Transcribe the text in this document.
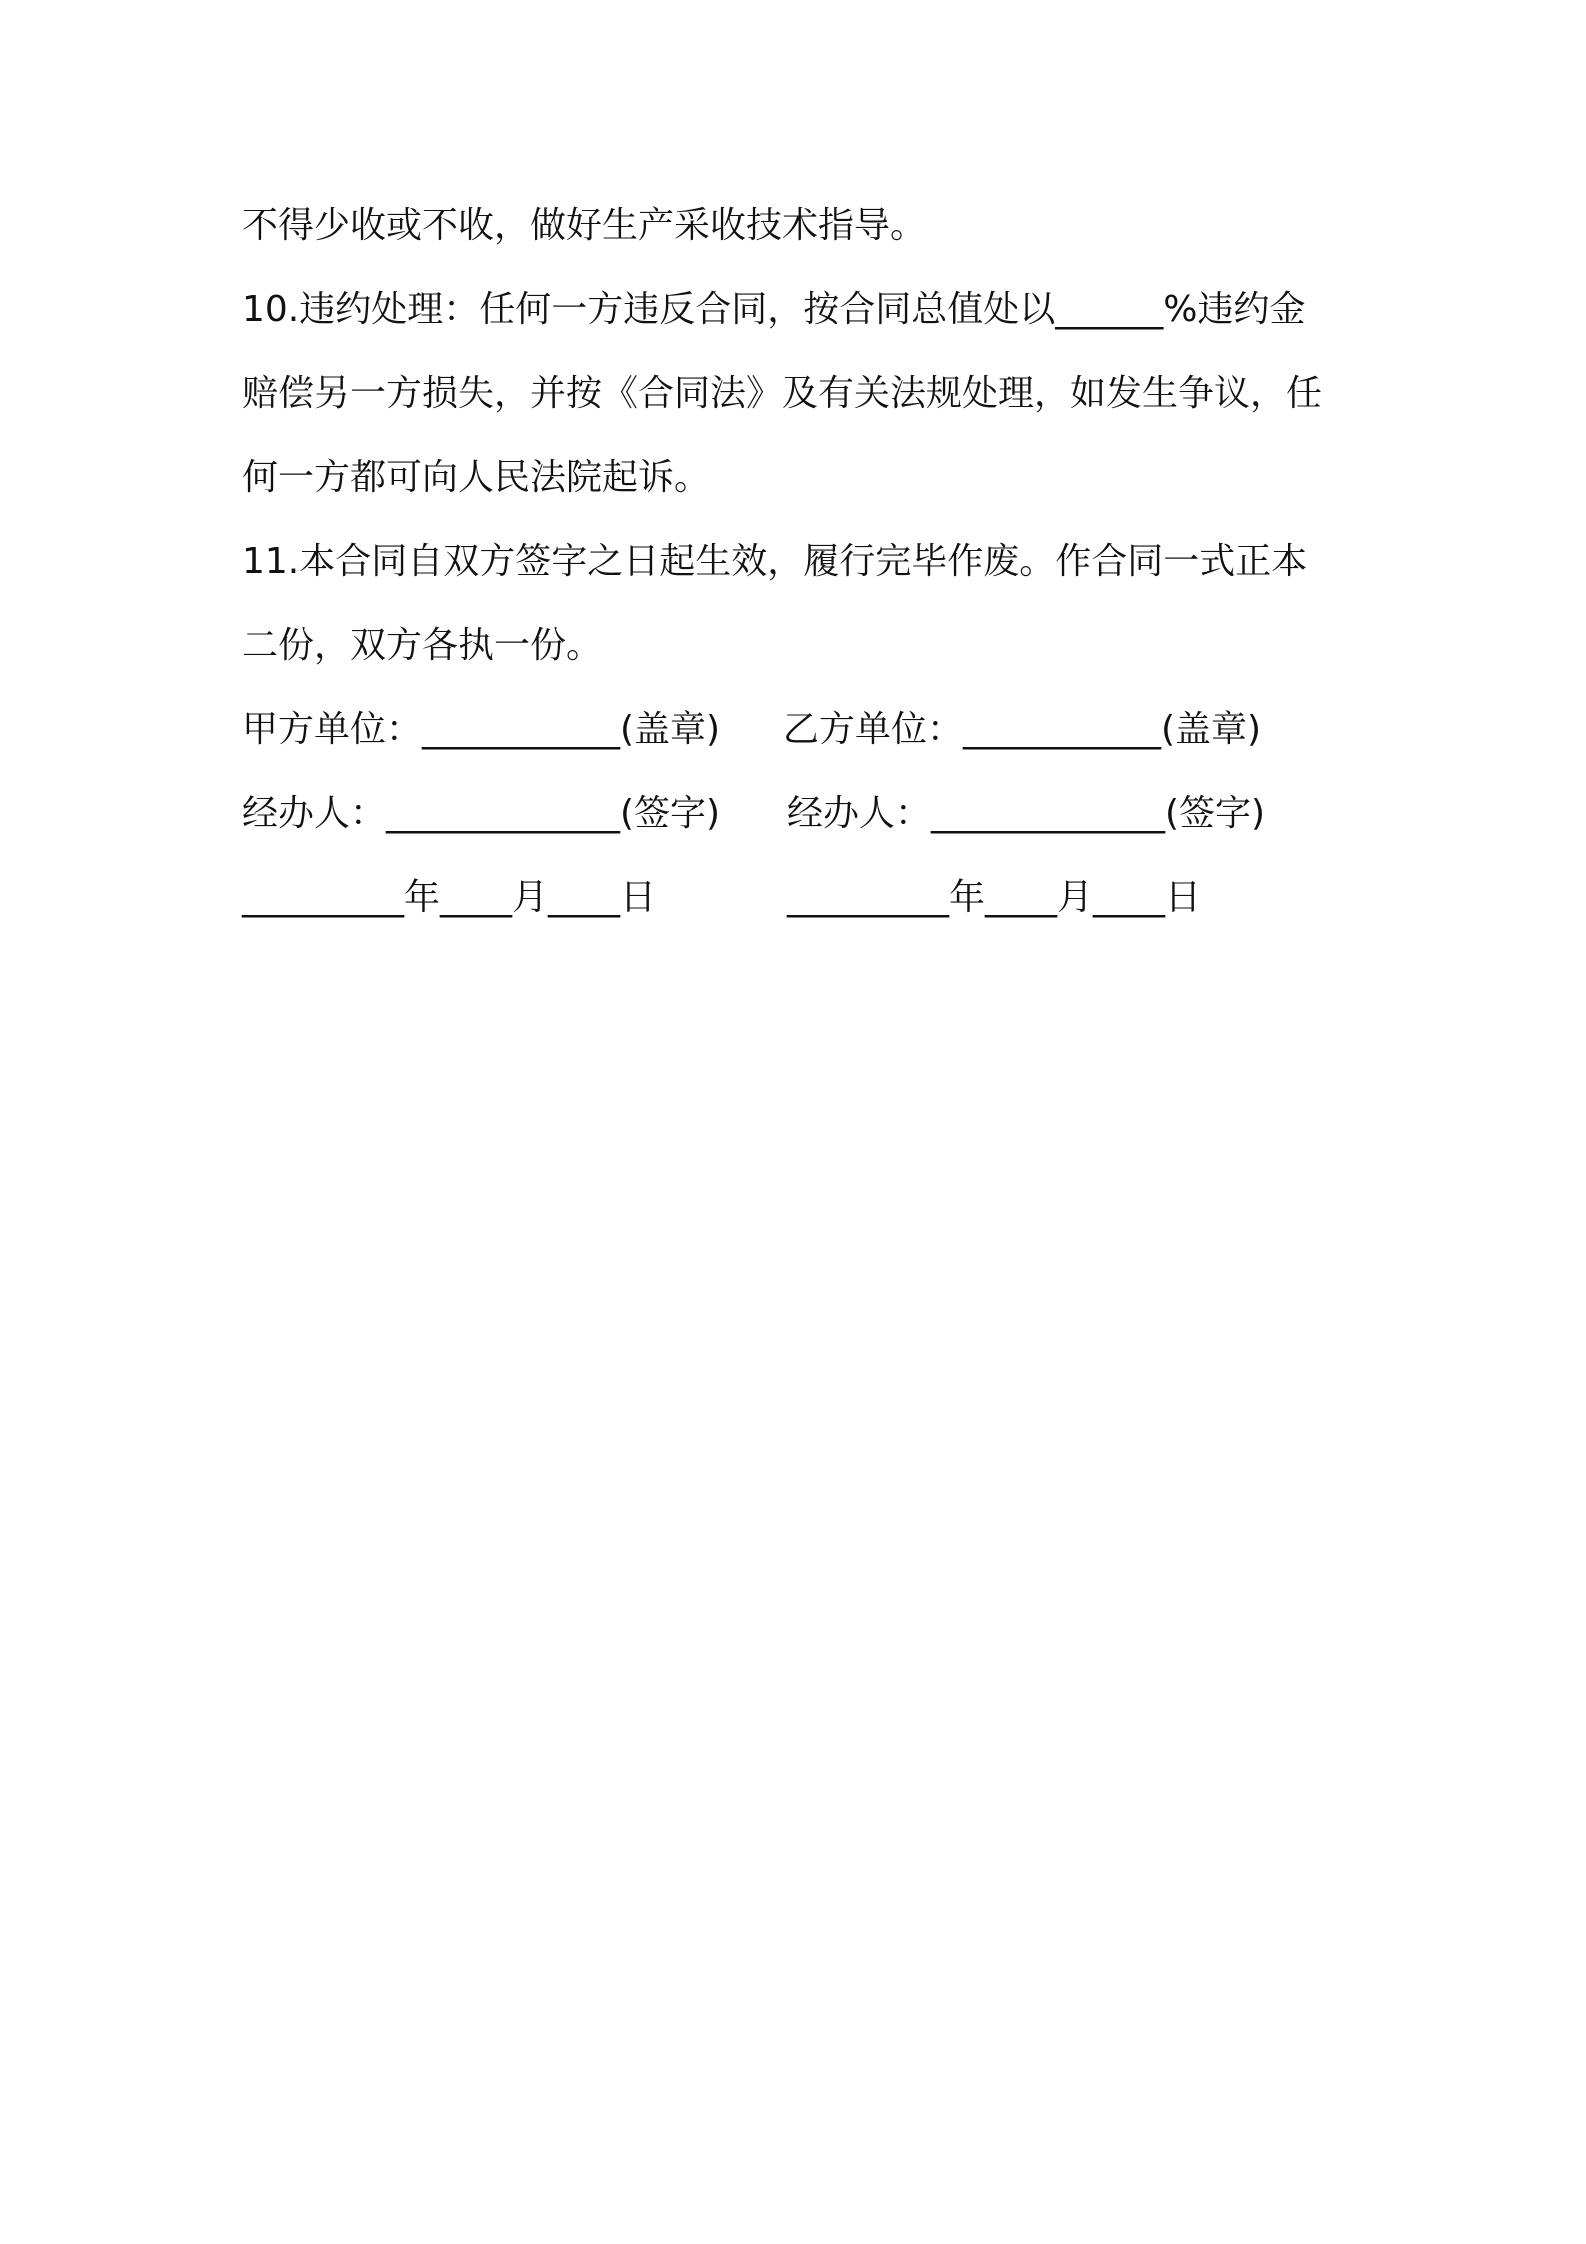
不得少收或不收，做好生产采收技术指导。
10.违约处理：任何一方违反合同，按合同总值处以______%违约金
赔偿另一方损失，并按《合同法》及有关法规处理，如发生争议，任
何一方都可向人民法院起诉。
11.本合同自双方签字之日起生效，履行完毕作废。作合同一式正本
二份，双方各执一份。
甲方单位：___________(盖章) 乙方单位：___________(盖章)
经办人：_____________(签字) 经办人：_____________(签字)
_________年____月____日	_________年____月____日
